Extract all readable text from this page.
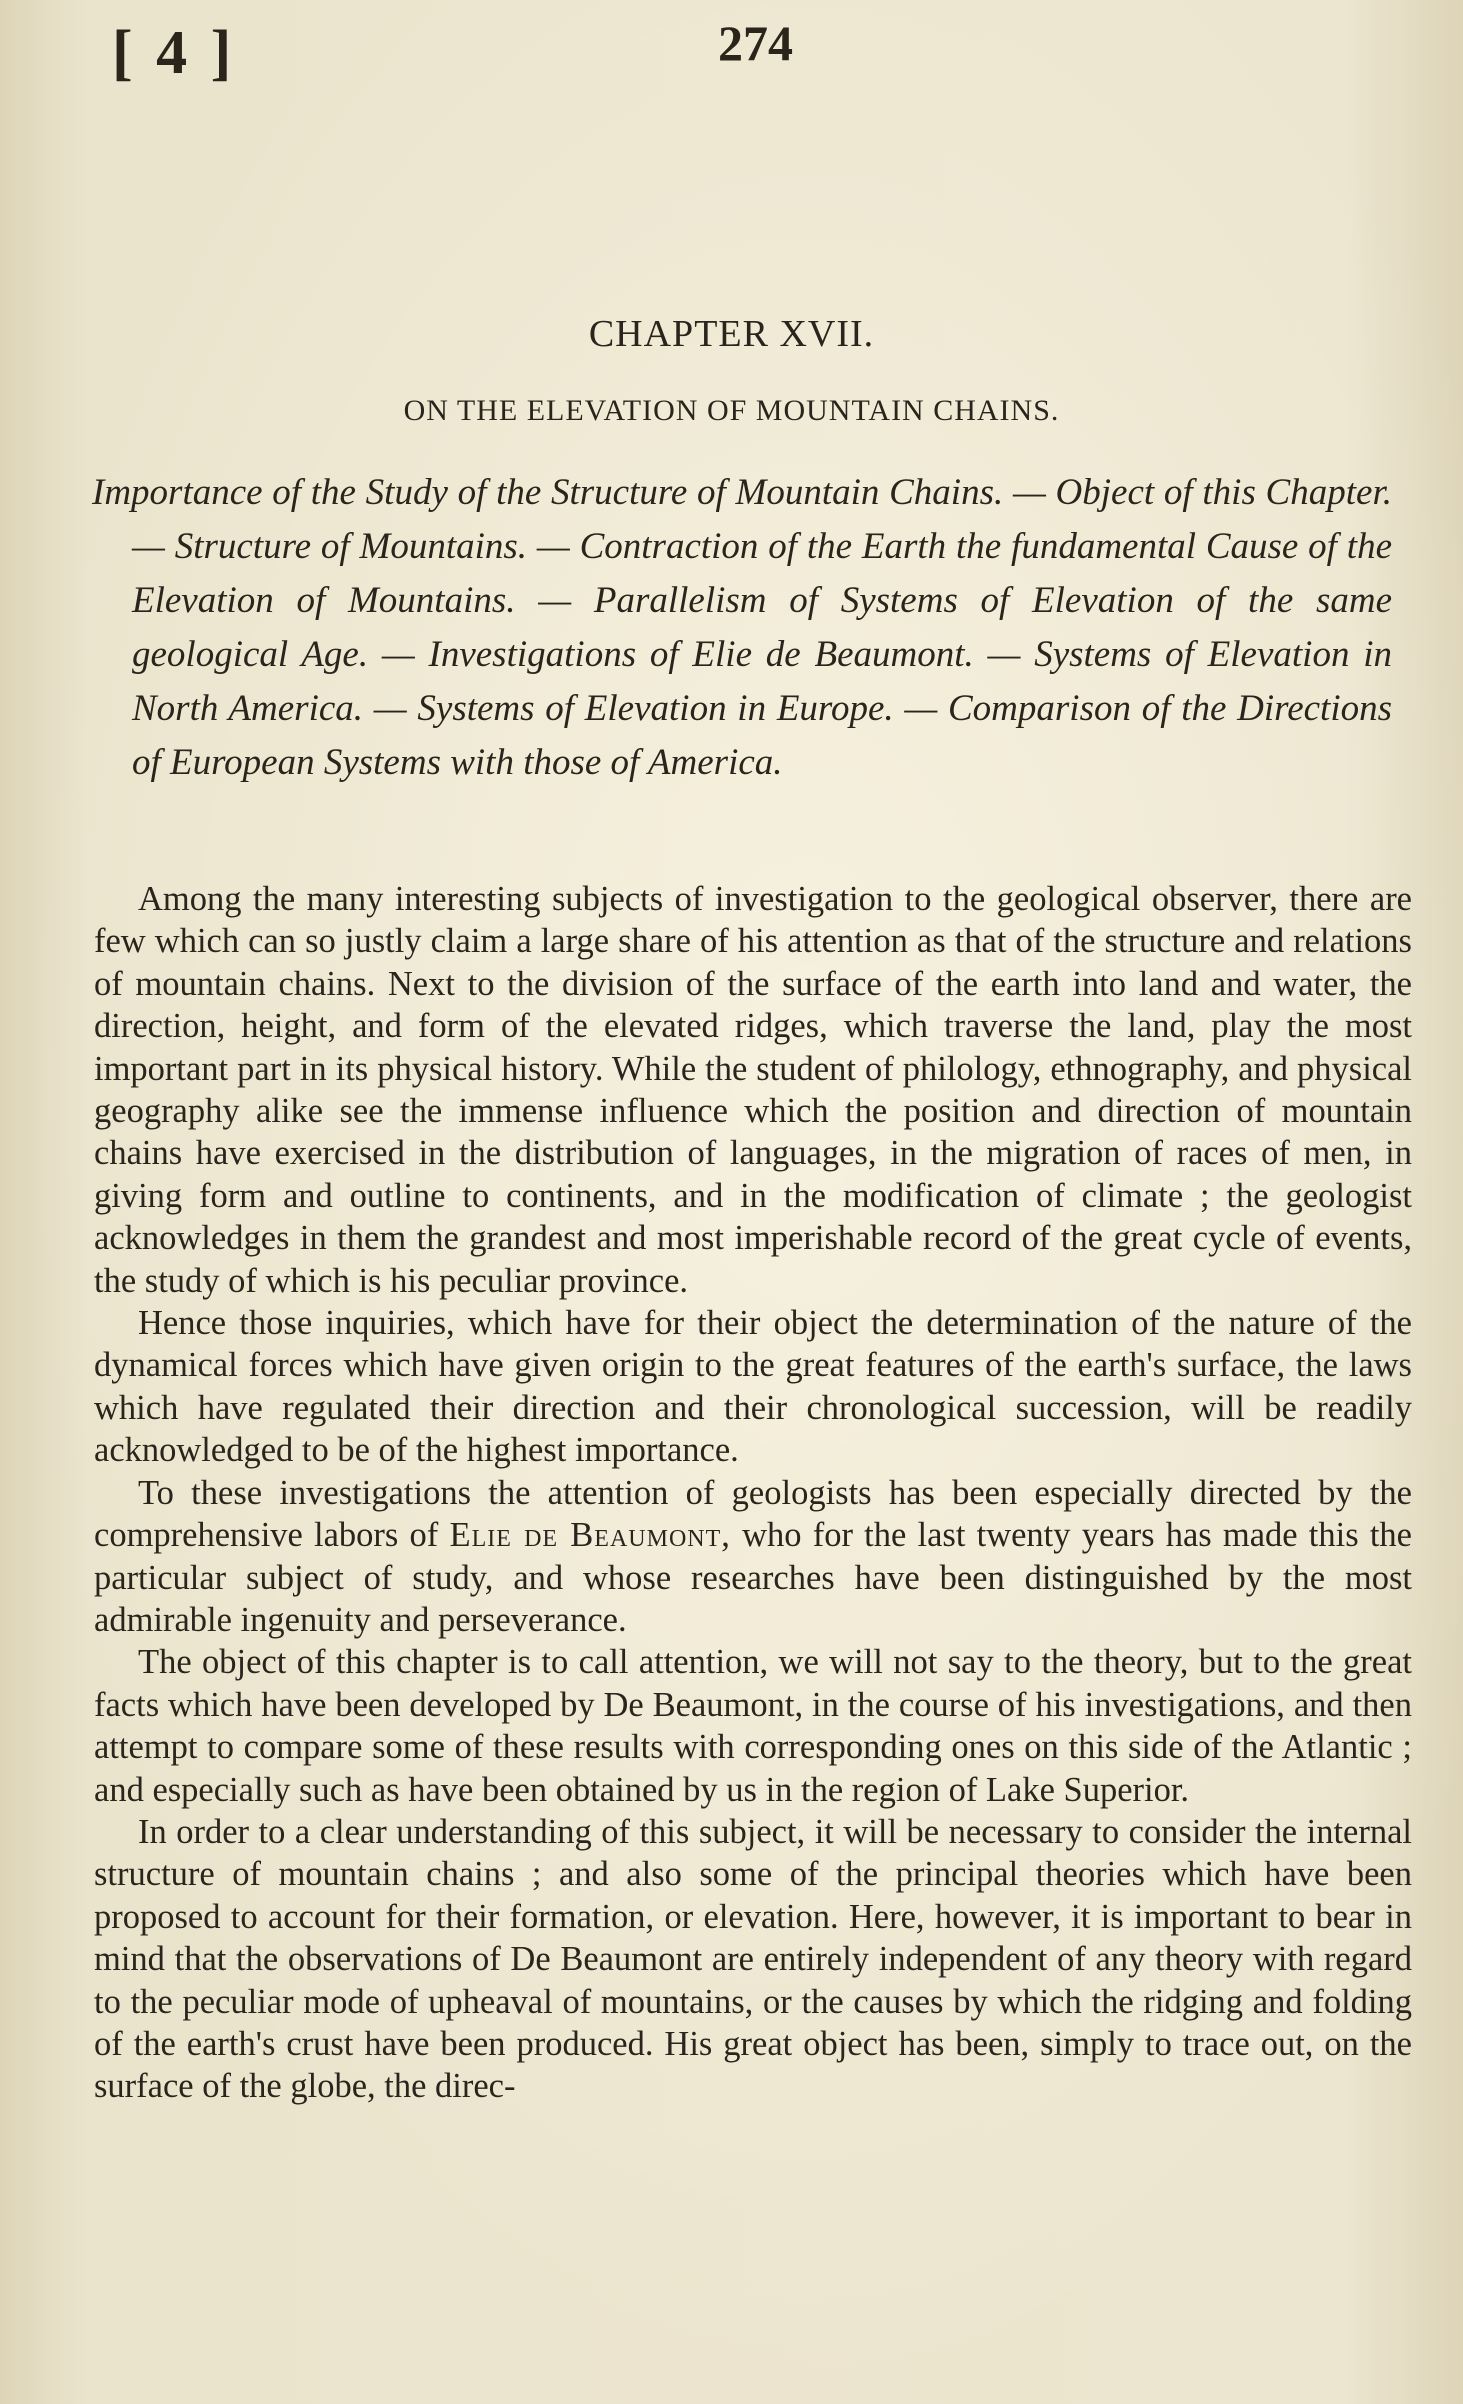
[ 4 ]	274
CHAPTER XVII.
ON THE ELEVATION OF MOUNTAIN CHAINS.

Importance of the Study of the Structure of Mountain Chains. — Object of this Chapter. — Structure of Mountains. — Contraction of the Earth the fundamental Cause of the Elevation of Mountains. — Parallelism of Systems of Elevation of the same geological Age. — Investigations of Elie de Beaumont. — Systems of Elevation in North America. — Systems of Elevation in Europe. — Comparison of the Directions of European Systems with those of America.

Among the many interesting subjects of investigation to the geological observer, there are few which can so justly claim a large share of his attention as that of the structure and relations of mountain chains. Next to the division of the surface of the earth into land and water, the direction, height, and form of the elevated ridges, which traverse the land, play the most important part in its physical history. While the student of philology, ethnography, and physical geography alike see the immense influence which the position and direction of mountain chains have exercised in the distribution of languages, in the migration of races of men, in giving form and outline to continents, and in the modification of climate ; the geologist acknowledges in them the grandest and most imperishable record of the great cycle of events, the study of which is his peculiar province.

Hence those inquiries, which have for their object the determination of the nature of the dynamical forces which have given origin to the great features of the earth's surface, the laws which have regulated their direction and their chronological succession, will be readily acknowledged to be of the highest importance.

To these investigations the attention of geologists has been especially directed by the comprehensive labors of Elie de Beaumont, who for the last twenty years has made this the particular subject of study, and whose researches have been distinguished by the most admirable ingenuity and perseverance.

The object of this chapter is to call attention, we will not say to the theory, but to the great facts which have been developed by De Beaumont, in the course of his investigations, and then attempt to compare some of these results with corresponding ones on this side of the Atlantic ; and especially such as have been obtained by us in the region of Lake Superior.

In order to a clear understanding of this subject, it will be necessary to consider the internal structure of mountain chains ; and also some of the principal theories which have been proposed to account for their formation, or elevation. Here, however, it is important to bear in mind that the observations of De Beaumont are entirely independent of any theory with regard to the peculiar mode of upheaval of mountains, or the causes by which the ridging and folding of the earth's crust have been produced. His great object has been, simply to trace out, on the surface of the globe, the direc-
